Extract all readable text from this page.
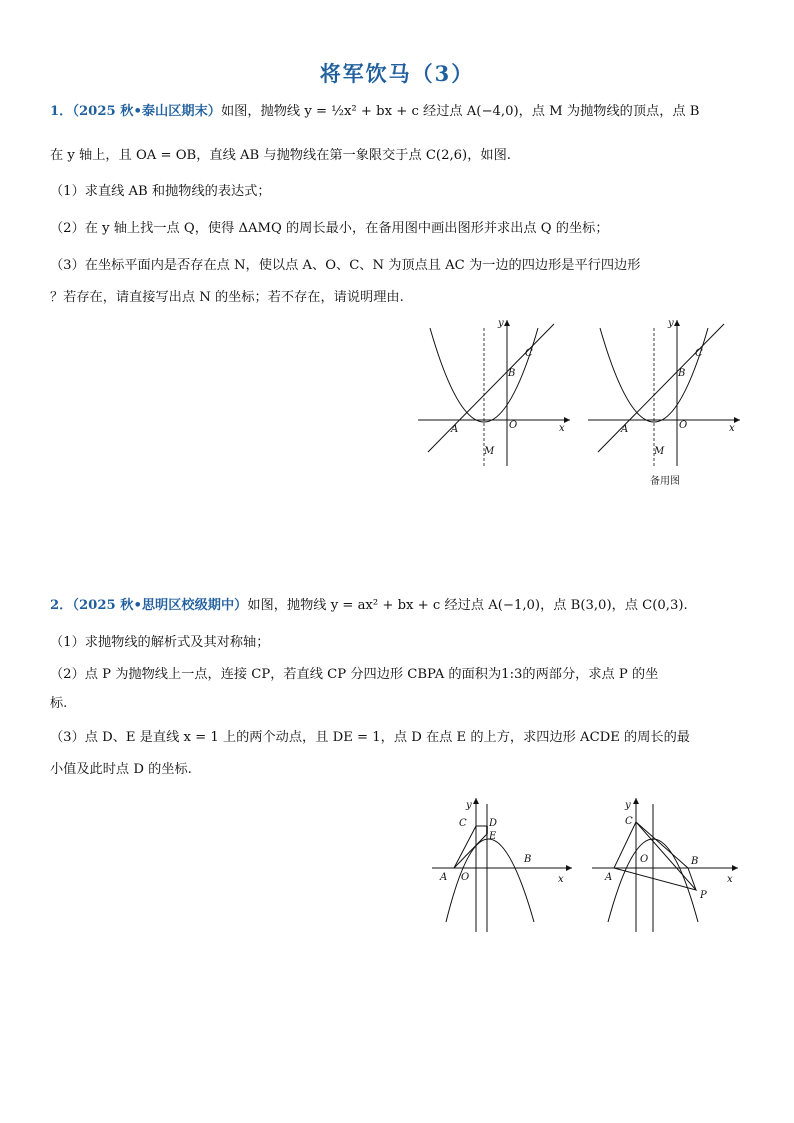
将军饮马（3）
1．（2025 秋•泰山区期末）如图，抛物线 y = ½x² + bx + c 经过点 A(−4,0)，点 M 为抛物线的顶点，点 B
在 y 轴上，且 OA = OB，直线 AB 与抛物线在第一象限交于点 C(2,6)，如图.
（1）求直线 AB 和抛物线的表达式；
（2）在 y 轴上找一点 Q，使得 ΔAMQ 的周长最小，在备用图中画出图形并求出点 Q 的坐标；
（3）在坐标平面内是否存在点 N，使以点 A、O、C、N 为顶点且 AC 为一边的四边形是平行四边形
？若存在，请直接写出点 N 的坐标；若不存在，请说明理由.
y
x
A	O
B
C
M
y
x
A	O
B
C
M
备用图
2．（2025 秋•思明区校级期中）如图，抛物线 y = ax² + bx + c 经过点 A(−1,0)，点 B(3,0)，点 C(0,3).
（1）求抛物线的解析式及其对称轴；
（2）点 P 为抛物线上一点，连接 CP，若直线 CP 分四边形 CBPA 的面积为1:3的两部分，求点 P 的坐
标.
（3）点 D、E 是直线 x = 1 上的两个动点，且 DE = 1，点 D 在点 E 的上方，求四边形 ACDE 的周长的最
小值及此时点 D 的坐标.
y
x
A O
B
C D
E
y
x
A
O	B
C
P
